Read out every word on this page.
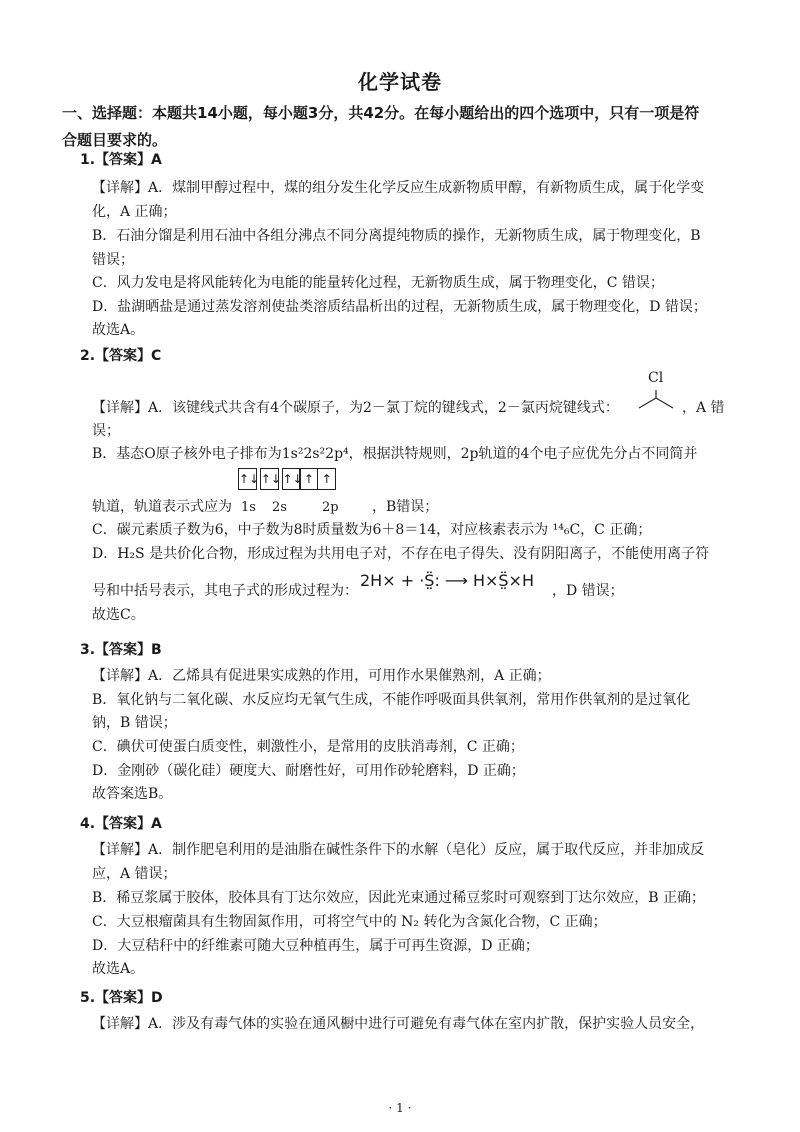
化学试卷
一、选择题：本题共14小题，每小题3分，共42分。在每小题给出的四个选项中，只有一项是符
合题目要求的。
1.【答案】A
【详解】A．煤制甲醇过程中，煤的组分发生化学反应生成新物质甲醇，有新物质生成，属于化学变
化，A 正确；
B．石油分馏是利用石油中各组分沸点不同分离提纯物质的操作，无新物质生成，属于物理变化，B
错误；
C．风力发电是将风能转化为电能的能量转化过程，无新物质生成，属于物理变化，C 错误；
D．盐湖晒盐是通过蒸发溶剂使盐类溶质结晶析出的过程，无新物质生成，属于物理变化，D 错误；
故选A。
2.【答案】C
Cl
【详解】A．该键线式共含有4个碳原子，为2－氯丁烷的键线式，2－氯丙烷键线式：	，A 错
误；
B．基态O原子核外电子排布为1s²2s²2p⁴，根据洪特规则，2p轨道的4个电子应优先分占不同简并
↑↓ ↑↓ ↑↓ ↑ ↑
1s 2s	2p
轨道，轨道表示式应为	，B错误；
C．碳元素质子数为6，中子数为8时质量数为6＋8＝14，对应核素表示为 ¹⁴₆C，C 正确；
D．H₂S 是共价化合物，形成过程为共用电子对，不存在电子得失、没有阴阳离子，不能使用离子符
号和中括号表示，其电子式的形成过程为：
2H× + ·S̤̈: ⟶ H×S̤̈×H
，D 错误；
故选C。
3.【答案】B
【详解】A．乙烯具有促进果实成熟的作用，可用作水果催熟剂，A 正确；
B．氧化钠与二氧化碳、水反应均无氧气生成，不能作呼吸面具供氧剂，常用作供氧剂的是过氧化
钠，B 错误；
C．碘伏可使蛋白质变性，刺激性小，是常用的皮肤消毒剂，C 正确；
D．金刚砂（碳化硅）硬度大、耐磨性好，可用作砂轮磨料，D 正确；
故答案选B。
4.【答案】A
【详解】A．制作肥皂利用的是油脂在碱性条件下的水解（皂化）反应，属于取代反应，并非加成反
应，A 错误；
B．稀豆浆属于胶体，胶体具有丁达尔效应，因此光束通过稀豆浆时可观察到丁达尔效应，B 正确；
C．大豆根瘤菌具有生物固氮作用，可将空气中的 N₂ 转化为含氮化合物，C 正确；
D．大豆秸秆中的纤维素可随大豆种植再生，属于可再生资源，D 正确；
故选A。
5.【答案】D
【详解】A．涉及有毒气体的实验在通风橱中进行可避免有毒气体在室内扩散，保护实验人员安全，
· 1 ·
